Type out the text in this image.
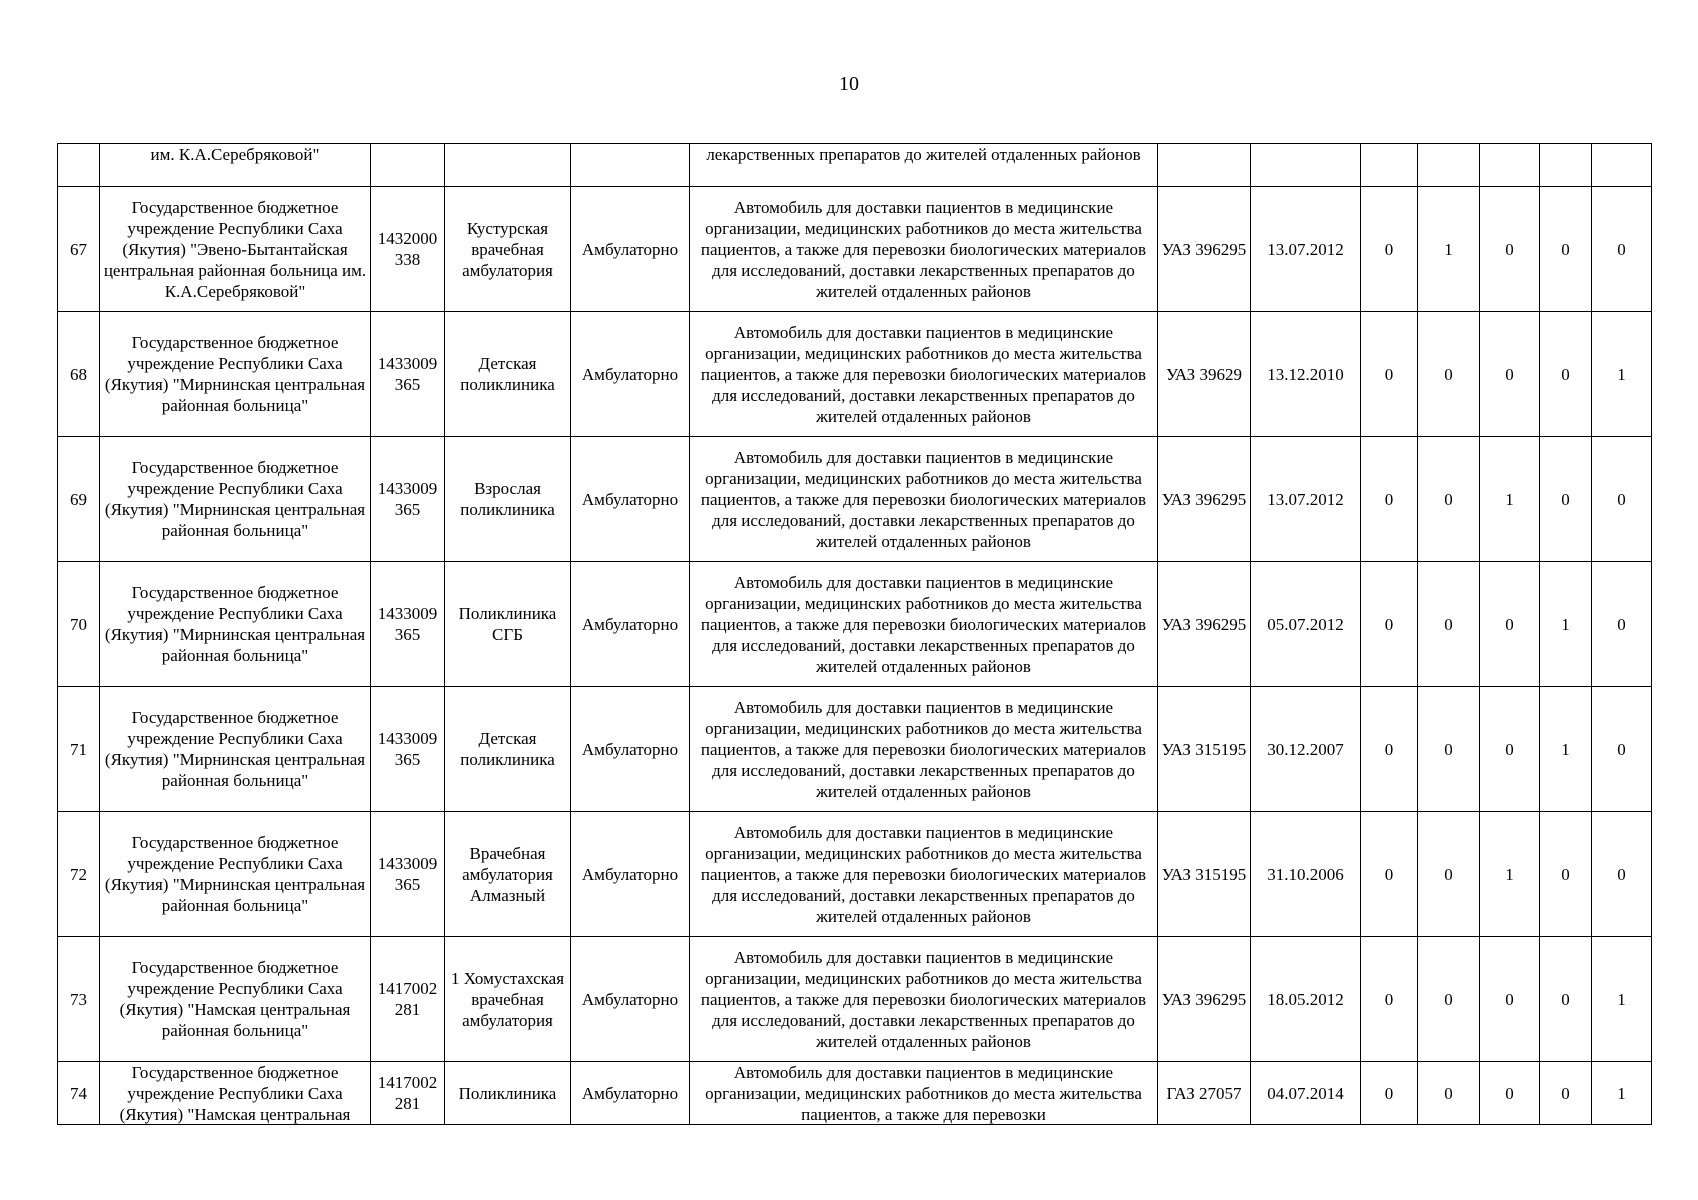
10

	им. К.А.Серебряковой"				лекарственных препаратов до жителей отдаленных районов							

67	Государственное бюджетное учреждение Республики Саха (Якутия) "Эвено-Бытантайская центральная районная больница им. К.А.Серебряковой"	1432000 338	Кустурская врачебная амбулатория	Амбулаторно	Автомобиль для доставки пациентов в медицинские организации, медицинских работников до места жительства пациентов, а также для перевозки биологических материалов для исследований, доставки лекарственных препаратов до жителей отдаленных районов	УАЗ 396295	13.07.2012	0	1	0	0	0
68	Государственное бюджетное учреждение Республики Саха (Якутия) "Мирнинская центральная районная больница"	1433009 365	Детская поликлиника	Амбулаторно	Автомобиль для доставки пациентов в медицинские организации, медицинских работников до места жительства пациентов, а также для перевозки биологических материалов для исследований, доставки лекарственных препаратов до жителей отдаленных районов	УАЗ 39629	13.12.2010	0	0	0	0	1
69	Государственное бюджетное учреждение Республики Саха (Якутия) "Мирнинская центральная районная больница"	1433009 365	Взрослая поликлиника	Амбулаторно	Автомобиль для доставки пациентов в медицинские организации, медицинских работников до места жительства пациентов, а также для перевозки биологических материалов для исследований, доставки лекарственных препаратов до жителей отдаленных районов	УАЗ 396295	13.07.2012	0	0	1	0	0
70	Государственное бюджетное учреждение Республики Саха (Якутия) "Мирнинская центральная районная больница"	1433009 365	Поликлиника СГБ	Амбулаторно	Автомобиль для доставки пациентов в медицинские организации, медицинских работников до места жительства пациентов, а также для перевозки биологических материалов для исследований, доставки лекарственных препаратов до жителей отдаленных районов	УАЗ 396295	05.07.2012	0	0	0	1	0
71	Государственное бюджетное учреждение Республики Саха (Якутия) "Мирнинская центральная районная больница"	1433009 365	Детская поликлиника	Амбулаторно	Автомобиль для доставки пациентов в медицинские организации, медицинских работников до места жительства пациентов, а также для перевозки биологических материалов для исследований, доставки лекарственных препаратов до жителей отдаленных районов	УАЗ 315195	30.12.2007	0	0	0	1	0
72	Государственное бюджетное учреждение Республики Саха (Якутия) "Мирнинская центральная районная больница"	1433009 365	Врачебная амбулатория Алмазный	Амбулаторно	Автомобиль для доставки пациентов в медицинские организации, медицинских работников до места жительства пациентов, а также для перевозки биологических материалов для исследований, доставки лекарственных препаратов до жителей отдаленных районов	УАЗ 315195	31.10.2006	0	0	1	0	0
73	Государственное бюджетное учреждение Республики Саха (Якутия) "Намская центральная районная больница"	1417002 281	1 Хомустахская врачебная амбулатория	Амбулаторно	Автомобиль для доставки пациентов в медицинские организации, медицинских работников до места жительства пациентов, а также для перевозки биологических материалов для исследований, доставки лекарственных препаратов до жителей отдаленных районов	УАЗ 396295	18.05.2012	0	0	0	0	1
74	Государственное бюджетное учреждение Республики Саха (Якутия) "Намская центральная	1417002 281	Поликлиника	Амбулаторно	Автомобиль для доставки пациентов в медицинские организации, медицинских работников до места жительства пациентов, а также для перевозки	ГАЗ 27057	04.07.2014	0	0	0	0	1
